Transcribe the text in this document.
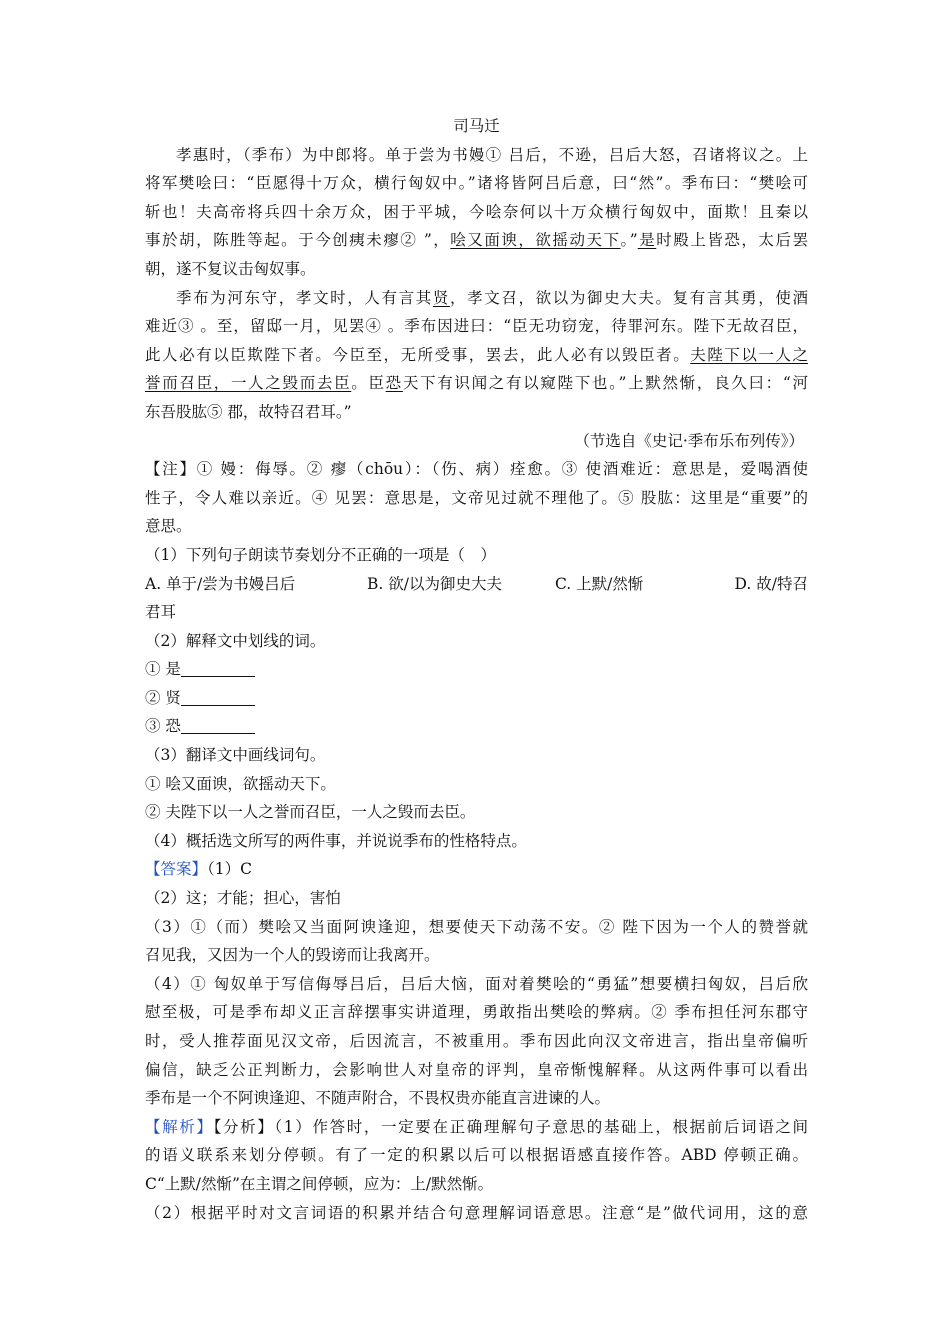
司马迁
孝惠时，（季布）为中郎将。单于尝为书嫚① 吕后，不逊，吕后大怒，召诸将议之。上
将军樊哙曰：“臣愿得十万众，横行匈奴中。”诸将皆阿吕后意，曰“然”。季布曰：“樊哙可
斩也！夫高帝将兵四十余万众，困于平城，今哙奈何以十万众横行匈奴中，面欺！且秦以
事於胡，陈胜等起。于今创痍未瘳② ”，哙又面谀，欲摇动天下。”是时殿上皆恐，太后罢
朝，遂不复议击匈奴事。
季布为河东守，孝文时，人有言其贤，孝文召，欲以为御史大夫。复有言其勇，使酒
难近③ 。至，留邸一月，见罢④ 。季布因进曰：“臣无功窃宠，待罪河东。陛下无故召臣，
此人必有以臣欺陛下者。今臣至，无所受事，罢去，此人必有以毁臣者。夫陛下以一人之
誉而召臣，一人之毁而去臣。臣恐天下有识闻之有以窥陛下也。”上默然惭，良久曰：“河
东吾股肱⑤ 郡，故特召君耳。”
（节选自《史记·季布乐布列传》）
【注】① 嫚：侮辱。② 瘳（chōu）：（伤、病）痊愈。③ 使酒难近：意思是，爱喝酒使
性子，令人难以亲近。④ 见罢：意思是，文帝见过就不理他了。⑤ 股肱：这里是“重要”的
意思。
（1）下列句子朗读节奏划分不正确的一项是（　）
A. 单于/尝为书嫚吕后	B. 欲/以为御史大夫	C. 上默/然惭	D. 故/特召
君耳
（2）解释文中划线的词。
① 是
② 贤
③ 恐
（3）翻译文中画线词句。
① 哙又面谀，欲摇动天下。
② 夫陛下以一人之誉而召臣，一人之毁而去臣。
（4）概括选文所写的两件事，并说说季布的性格特点。
【答案】（1）C
（2）这；才能；担心，害怕
（3）①（而）樊哙又当面阿谀逢迎，想要使天下动荡不安。② 陛下因为一个人的赞誉就
召见我，又因为一个人的毁谤而让我离开。
（4）① 匈奴单于写信侮辱吕后，吕后大恼，面对着樊哙的“勇猛”想要横扫匈奴，吕后欣
慰至极，可是季布却义正言辞摆事实讲道理，勇敢指出樊哙的弊病。② 季布担任河东郡守
时，受人推荐面见汉文帝，后因流言，不被重用。季布因此向汉文帝进言，指出皇帝偏听
偏信，缺乏公正判断力，会影响世人对皇帝的评判，皇帝惭愧解释。从这两件事可以看出
季布是一个不阿谀逢迎、不随声附合，不畏权贵亦能直言进谏的人。
【解析】【分析】（1）作答时，一定要在正确理解句子意思的基础上，根据前后词语之间
的语义联系来划分停顿。有了一定的积累以后可以根据语感直接作答。ABD 停顿正确。
C“上默/然惭”在主谓之间停顿，应为：上/默然惭。
（2）根据平时对文言词语的积累并结合句意理解词语意思。注意“是”做代词用，这的意
